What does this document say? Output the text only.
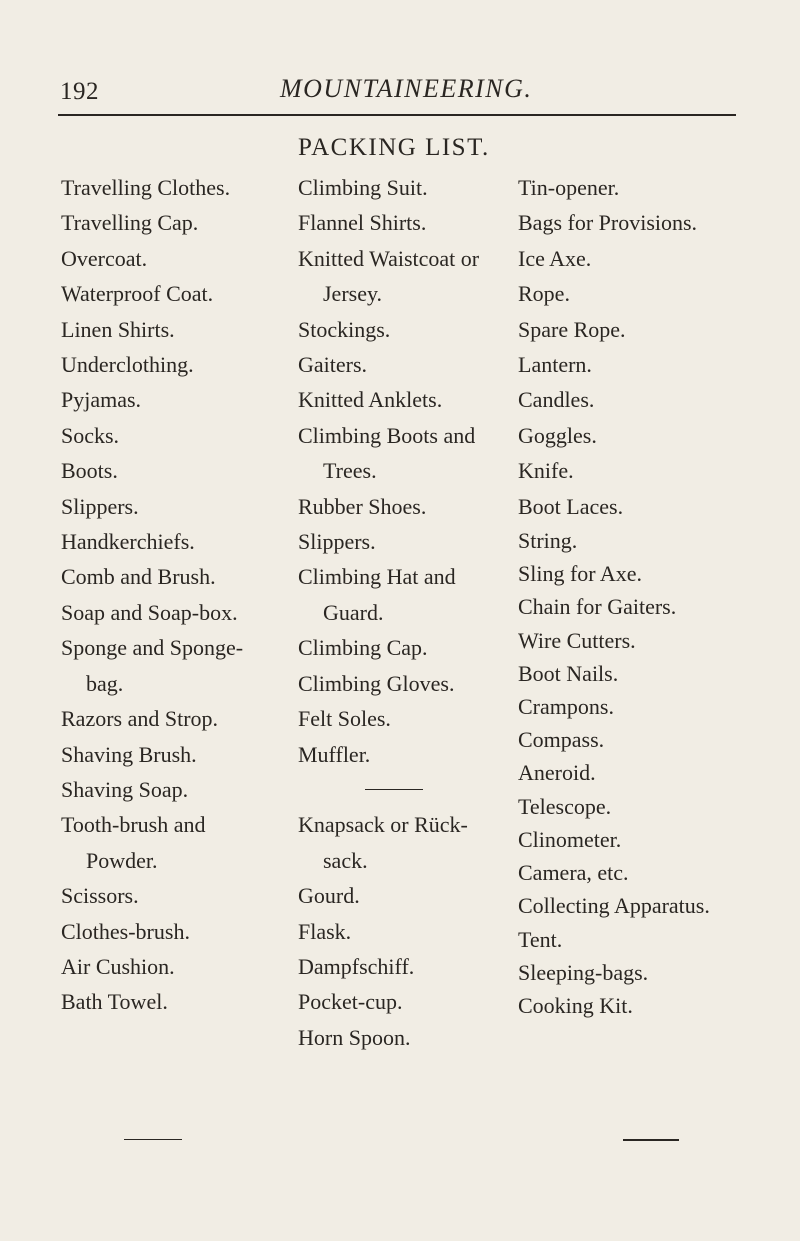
192	MOUNTAINEERING.
PACKING LIST.
Travelling Clothes.
Travelling Cap.
Overcoat.
Waterproof Coat.
Linen Shirts.
Underclothing.
Pyjamas.
Socks.
Boots.
Slippers.
Handkerchiefs.
Comb and Brush.
Soap and Soap-box.
Sponge and Sponge-
bag.
Razors and Strop.
Shaving Brush.
Shaving Soap.
Tooth-brush and
Powder.
Scissors.
Clothes-brush.
Air Cushion.
Bath Towel.
Climbing Suit.
Flannel Shirts.
Knitted Waistcoat or
Jersey.
Stockings.
Gaiters.
Knitted Anklets.
Climbing Boots and
Trees.
Rubber Shoes.
Slippers.
Climbing Hat and
Guard.
Climbing Cap.
Climbing Gloves.
Felt Soles.
Muffler.
Knapsack or Rück-
sack.
Gourd.
Flask.
Dampfschiff.
Pocket-cup.
Horn Spoon.
Tin-opener.
Bags for Provisions.
Ice Axe.
Rope.
Spare Rope.
Lantern.
Candles.
Goggles.
Knife.
Boot Laces.
String.
Sling for Axe.
Chain for Gaiters.
Wire Cutters.
Boot Nails.
Crampons.
Compass.
Aneroid.
Telescope.
Clinometer.
Camera, etc.
Collecting Apparatus.
Tent.
Sleeping-bags.
Cooking Kit.
